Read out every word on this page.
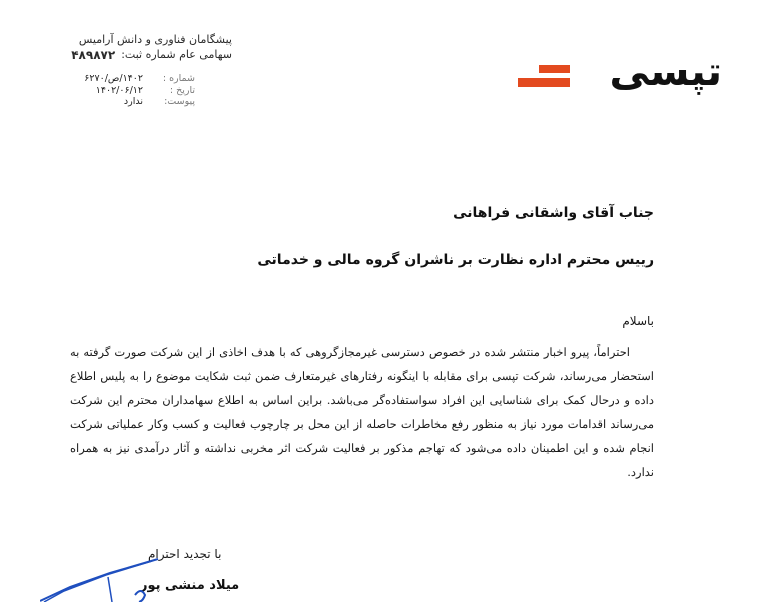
پیشگامان فناوری و دانش آرامیس
سهامی عام شماره ثبت:
۴۸۹۸۷۲
شماره :
۱۴۰۲/ص/۶۲۷۰
تاریخ :
۱۴۰۲/۰۶/۱۲
پیوست:
ندارد
تپسی
جناب آقای واشقانی فراهانی
رییس محترم اداره نظارت بر ناشران گروه مالی و خدماتی
باسلام
احتراماً، پیرو اخبار منتشر شده در خصوص دسترسی غیرمجازگروهی که با هدف اخاذی از این شرکت صورت گرفته به استحضار می‌رساند، شرکت تپسی برای مقابله با اینگونه رفتارهای غیرمتعارف ضمن ثبت شکایت موضوع را به پلیس اطلاع داده و درحال کمک برای شناسایی این افراد سواستفاده‌گر می‌باشد. براین اساس به اطلاع سهامداران محترم این شرکت می‌رساند اقدامات مورد نیاز به منظور رفع مخاطرات حاصله از این محل بر چارچوب فعالیت و کسب وکار عملیاتی شرکت انجام شده و این اطمینان داده می‌شود که تهاجم مذکور بر فعالیت شرکت اثر مخربی نداشته و آثار درآمدی نیز به همراه ندارد.
با تجدید احترام
میلاد منشی پور
